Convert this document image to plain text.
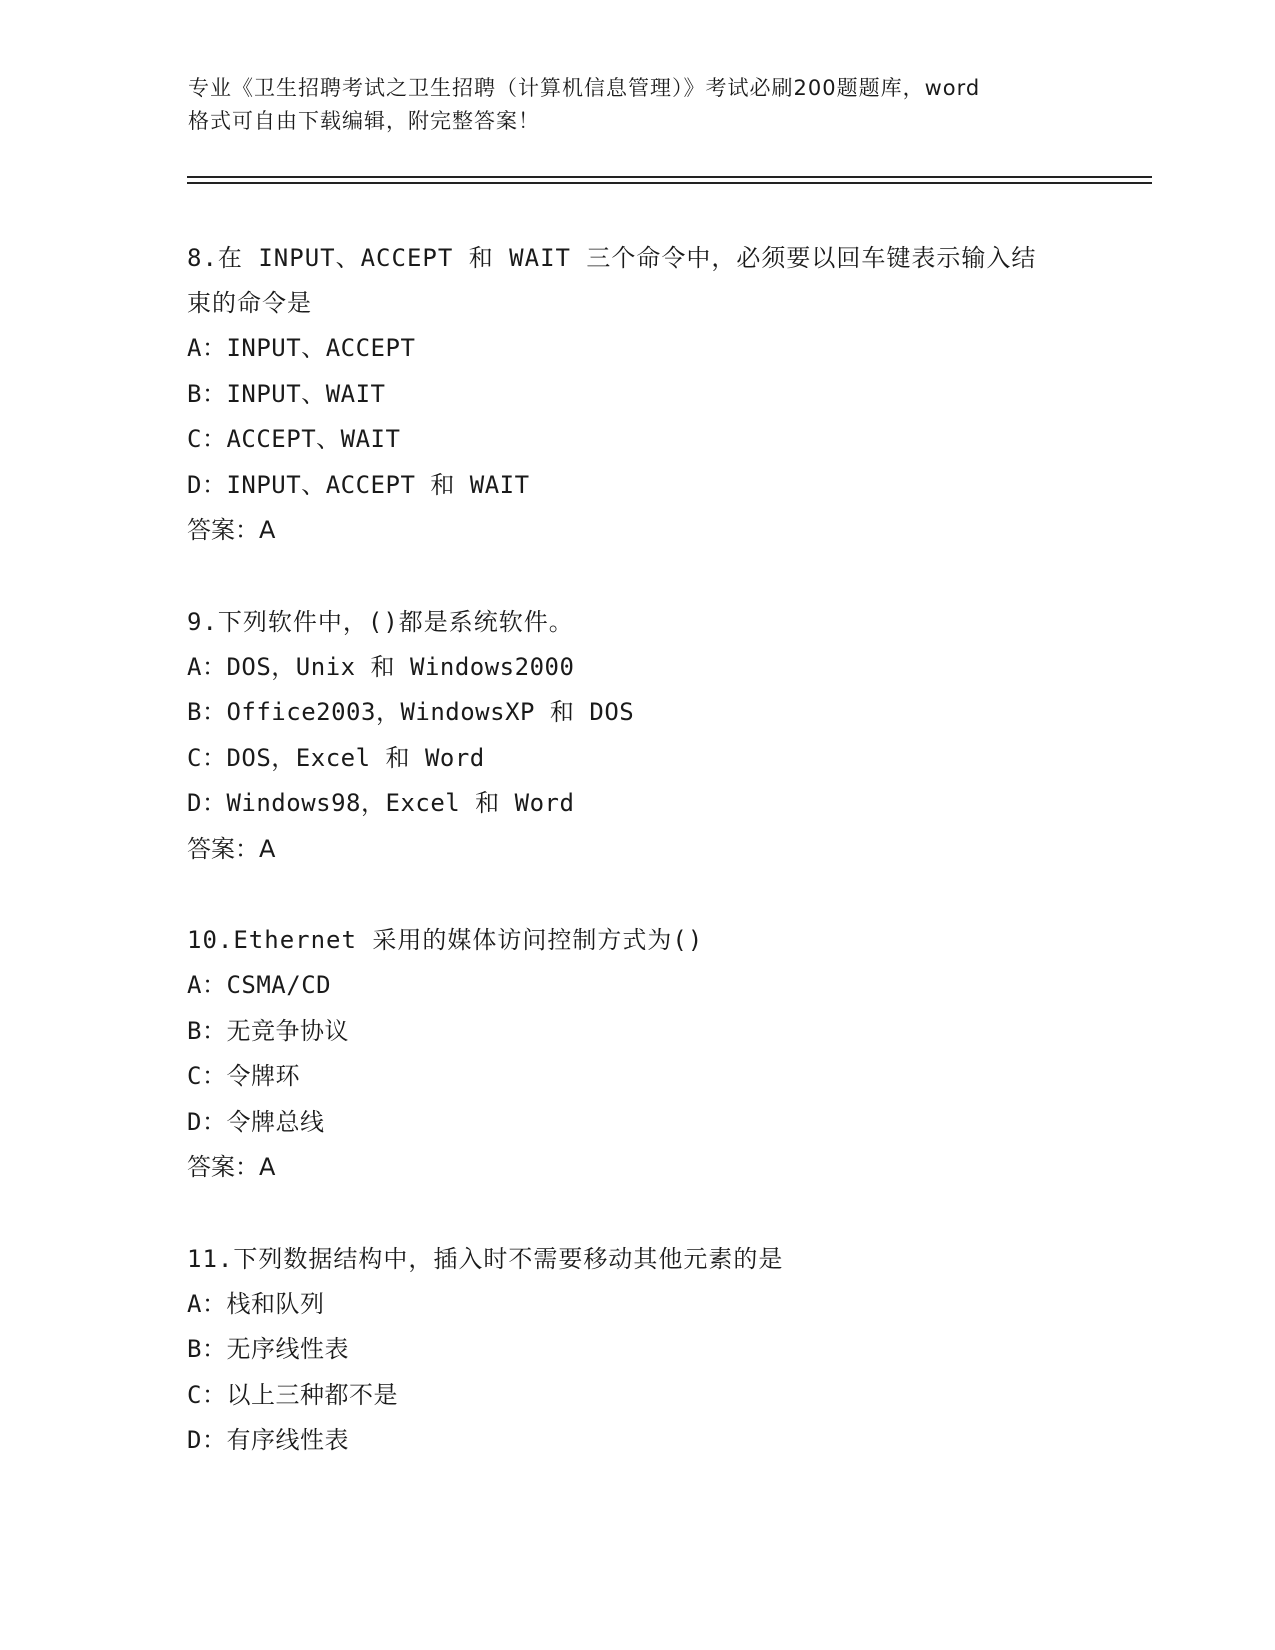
专业《卫生招聘考试之卫生招聘（计算机信息管理）》考试必刷200题题库，word
格式可自由下载编辑，附完整答案！
8.在 INPUT、ACCEPT 和 WAIT 三个命令中，必须要以回车键表示输入结
束的命令是
A：INPUT、ACCEPT
B：INPUT、WAIT
C：ACCEPT、WAIT
D：INPUT、ACCEPT 和 WAIT
答案：A
9.下列软件中，()都是系统软件。
A：DOS，Unix 和 Windows2000
B：Office2003，WindowsXP 和 DOS
C：DOS，Excel 和 Word
D：Windows98，Excel 和 Word
答案：A
10.Ethernet 采用的媒体访问控制方式为()
A：CSMA/CD
B：无竞争协议
C：令牌环
D：令牌总线
答案：A
11.下列数据结构中，插入时不需要移动其他元素的是
A：栈和队列
B：无序线性表
C：以上三种都不是
D：有序线性表
